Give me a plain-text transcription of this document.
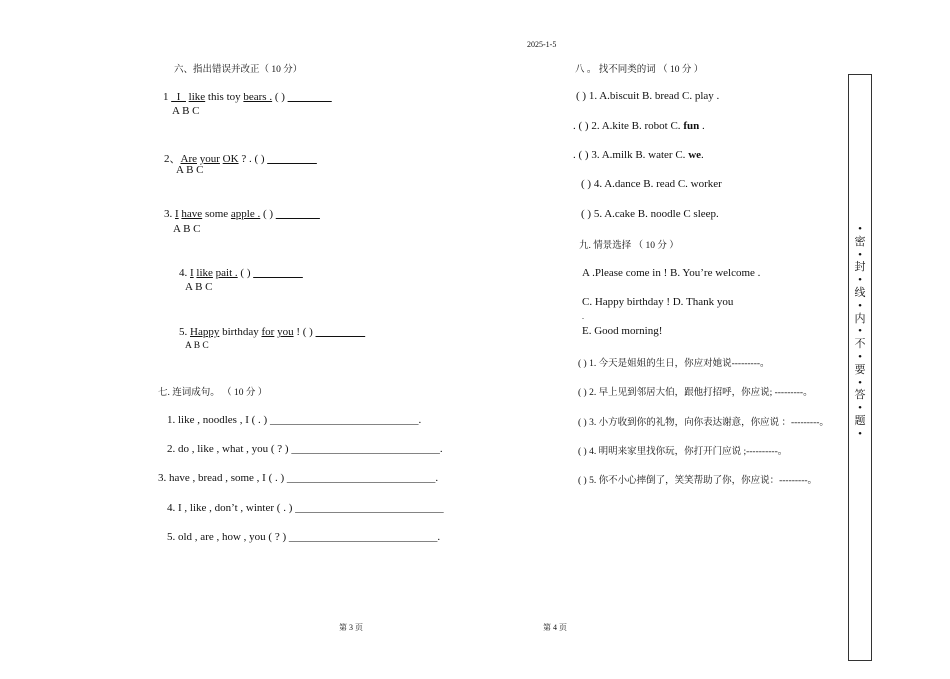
2025-1-5
六、指出错误并改正（ 10 分）
1 _I_ like this toy bears . ( ) ________
A B C
2、Are your OK ? . ( ) _________
A B C
3. I have some apple . ( ) ________
A B C
4. I like pait . ( ) _________
A B C
5. Happy birthday for you ! ( ) _________
A B C
七. 连词成句。 （ 10 分 ）
1. like , noodles , I ( . ) ___________________________.
2. do , like , what , you ( ? ) ___________________________.
3. have , bread , some , I ( . ) ___________________________.
4. I , like , don’t , winter ( . ) ___________________________
5. old , are , how , you ( ? ) ___________________________.
第 3 页
八 。 找不同类的词 （ 10 分 ）
( ) 1. A.biscuit B. bread C. play .
. ( ) 2. A.kite B. robot C. fun .
. ( ) 3. A.milk B. water C. we.
( ) 4. A.dance B. read C. worker
( ) 5. A.cake B. noodle C sleep.
九. 情景选择 （ 10 分 ）
A .Please come in ! B. You’re welcome .
C. Happy birthday ! D. Thank you
.
E. Good morning!
( ) 1. 今天是姐姐的生日，你应对她说---------。
( ) 2. 早上见到邻居大伯，跟他打招呼，你应说; ---------。
( ) 3. 小方收到你的礼物，向你表达谢意，你应说 ：---------。
( ) 4. 明明来家里找你玩，你打开门应说 ;----------。
( ) 5. 你不小心摔倒了，笑笑帮助了你，你应说：---------。
第 4 页
•
密
•
封
•
线
•
内
•
不
•
要
•
答
•
题
•
